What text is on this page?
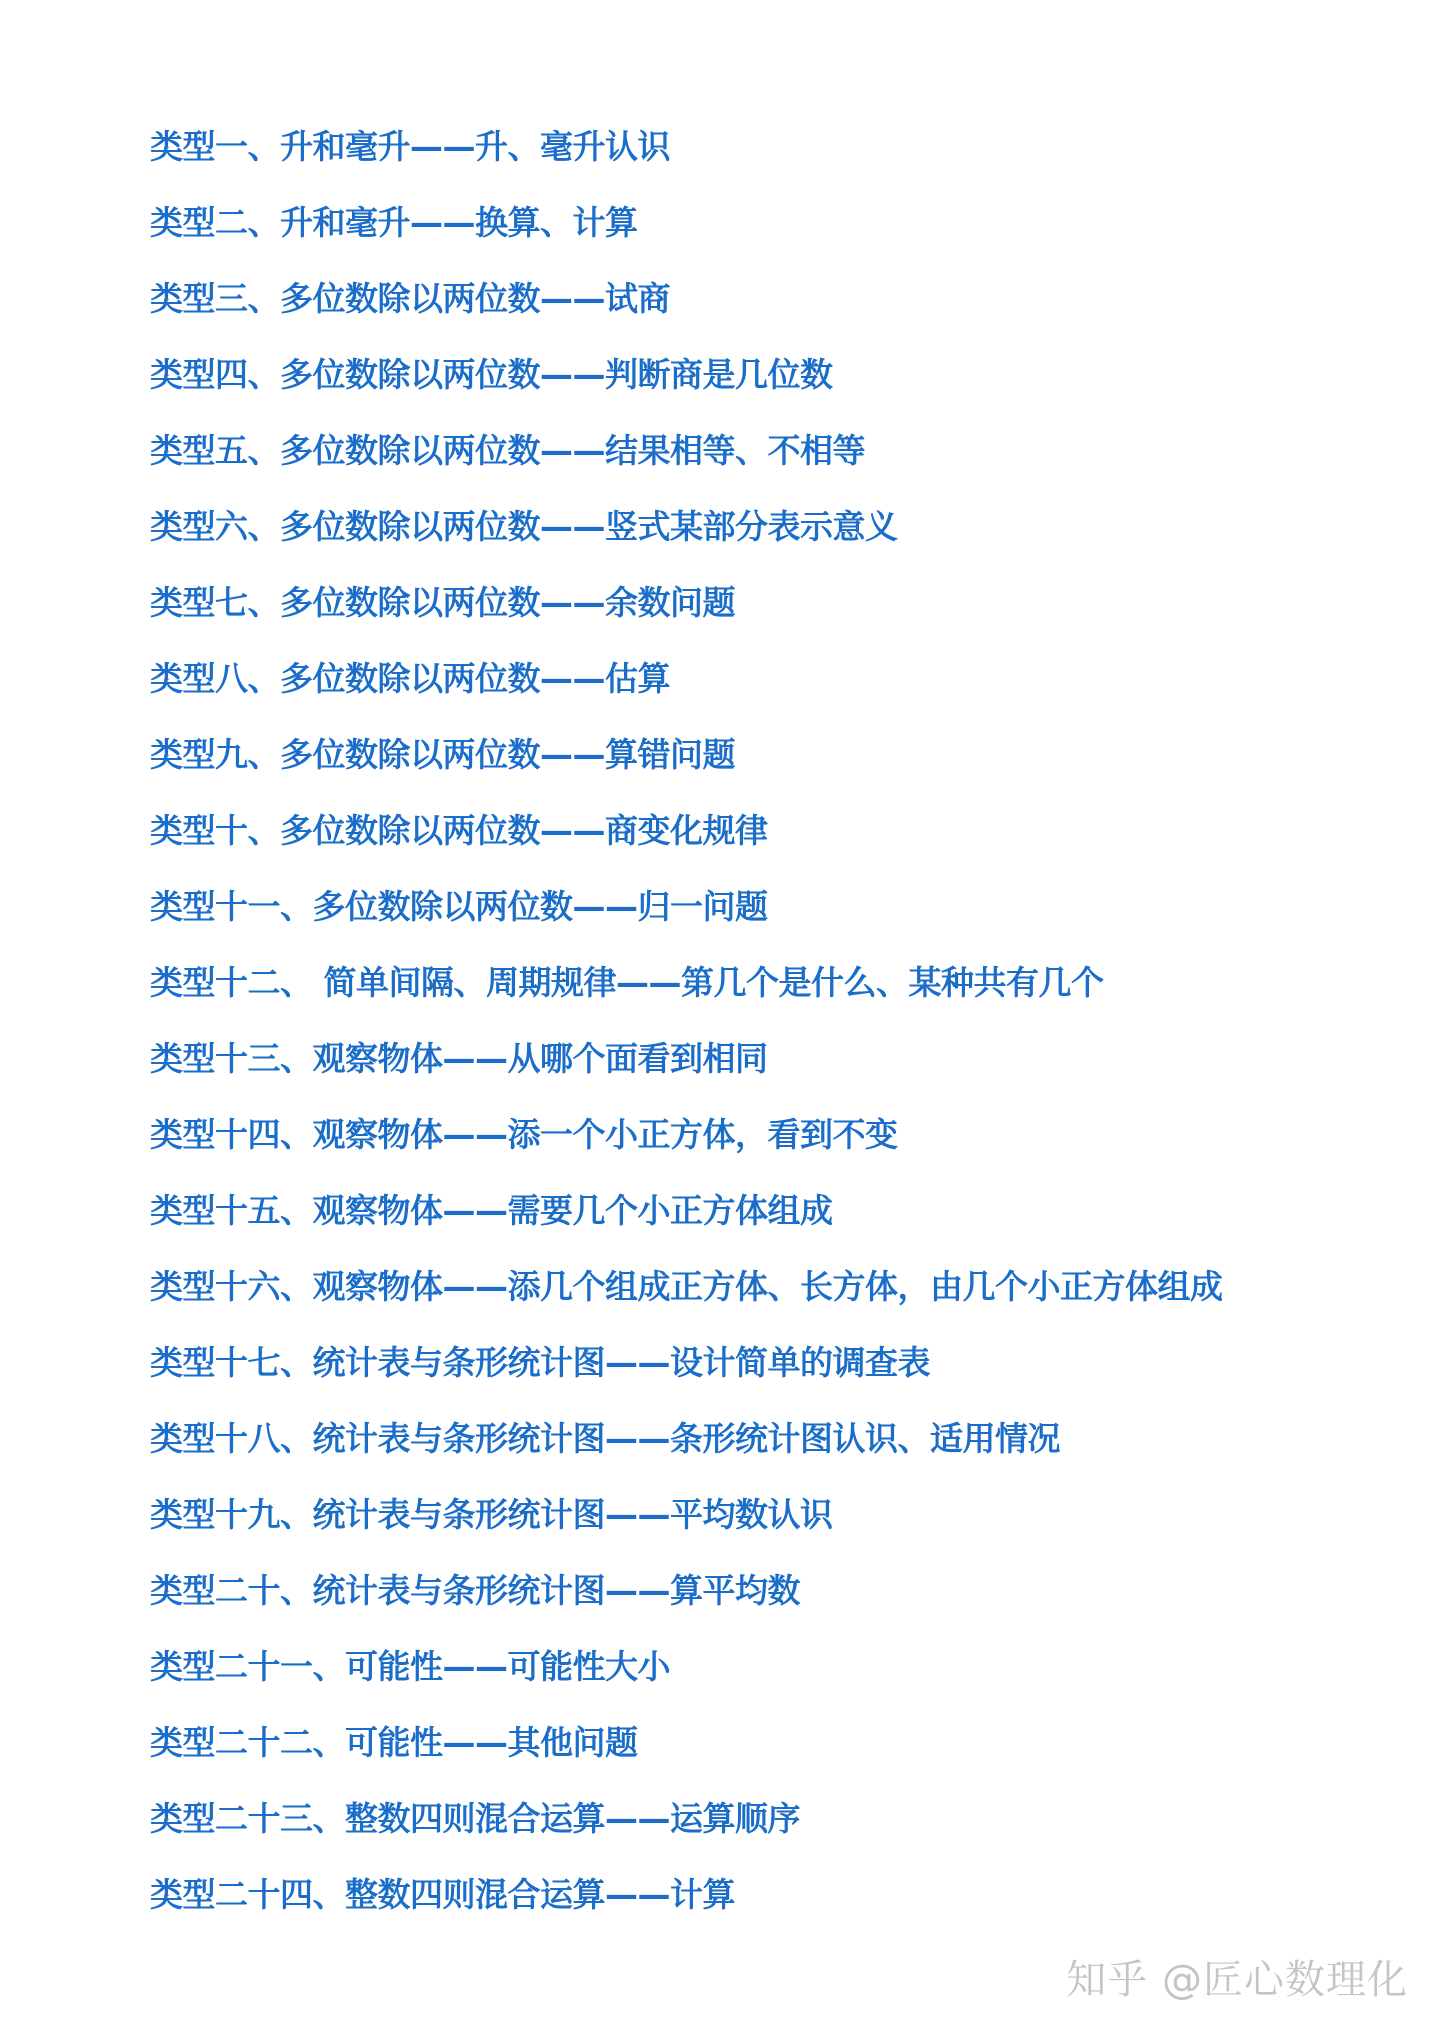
类型一、升和毫升——升、毫升认识
类型二、升和毫升——换算、计算
类型三、多位数除以两位数——试商
类型四、多位数除以两位数——判断商是几位数
类型五、多位数除以两位数——结果相等、不相等
类型六、多位数除以两位数——竖式某部分表示意义
类型七、多位数除以两位数——余数问题
类型八、多位数除以两位数——估算
类型九、多位数除以两位数——算错问题
类型十、多位数除以两位数——商变化规律
类型十一、多位数除以两位数——归一问题
类型十二、 简单间隔、周期规律——第几个是什么、某种共有几个
类型十三、观察物体——从哪个面看到相同
类型十四、观察物体——添一个小正方体，看到不变
类型十五、观察物体——需要几个小正方体组成
类型十六、观察物体——添几个组成正方体、长方体，由几个小正方体组成
类型十七、统计表与条形统计图——设计简单的调查表
类型十八、统计表与条形统计图——条形统计图认识、适用情况
类型十九、统计表与条形统计图——平均数认识
类型二十、统计表与条形统计图——算平均数
类型二十一、可能性——可能性大小
类型二十二、可能性——其他问题
类型二十三、整数四则混合运算——运算顺序
类型二十四、整数四则混合运算——计算
知乎 @匠心数理化
